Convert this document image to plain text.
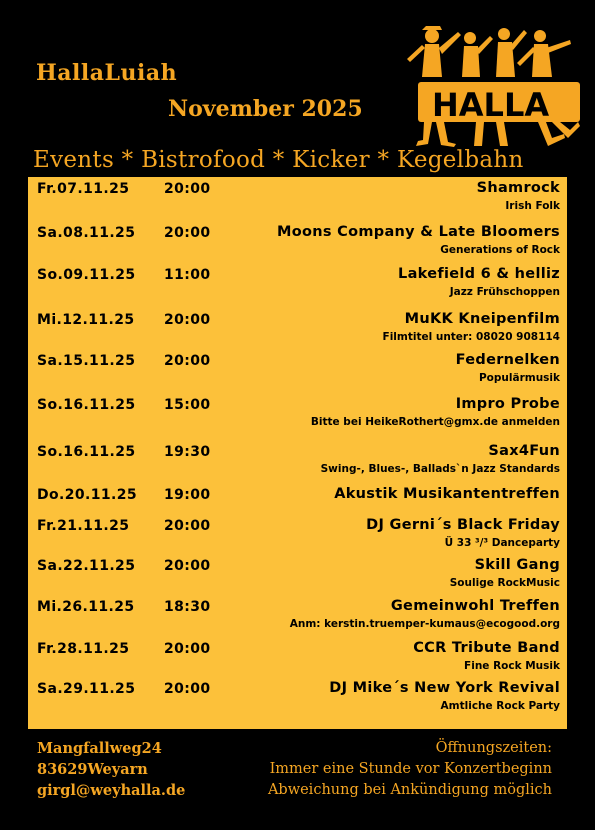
HallaLuiah
November 2025	wey HALLA
Events * Bistrofood * Kicker * Kegelbahn
Fr.07.11.25 20:00	Shamrock
Irish Folk
Sa.08.11.25 20:00	Moons Company & Late Bloomers
Generations of Rock
So.09.11.25 11:00	Lakefield 6 & helliz
Jazz Frühschoppen
Mi.12.11.25 20:00	MuKK Kneipenfilm
Filmtitel unter: 08020 908114
Sa.15.11.25 20:00	Federnelken
Populärmusik
So.16.11.25 15:00	Impro Probe
Bitte bei HeikeRothert@gmx.de anmelden
So.16.11.25 19:30	Sax4Fun
Swing-, Blues-, Ballads`n Jazz Standards
Do.20.11.25 19:00	Akustik Musikantentreffen
Fr.21.11.25 20:00	DJ Gerni´s Black Friday
Ü 33 ³/³ Danceparty
Sa.22.11.25 20:00	Skill Gang
Soulige RockMusic
Mi.26.11.25 18:30	Gemeinwohl Treffen
Anm: kerstin.truemper-kumaus@ecogood.org
Fr.28.11.25 20:00	CCR Tribute Band
Fine Rock Musik
Sa.29.11.25 20:00	DJ Mike´s New York Revival
Amtliche Rock Party
Mangfallweg24
83629Weyarn
girgl@weyhalla.de
Öffnungszeiten:
Immer eine Stunde vor Konzertbeginn
Abweichung bei Ankündigung möglich
